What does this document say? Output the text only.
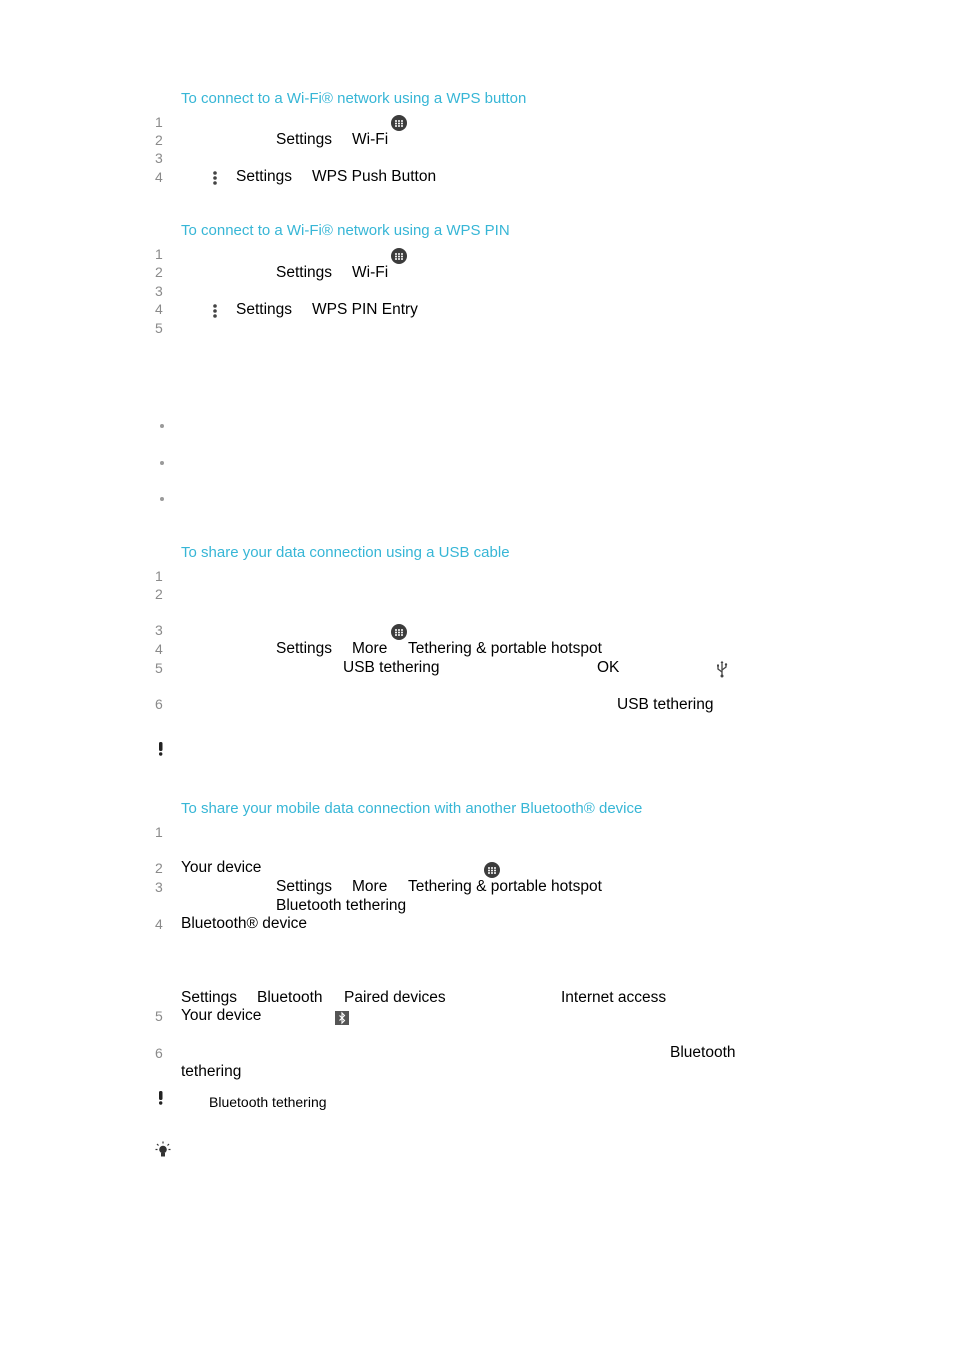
To connect to a Wi-Fi® network using a WPS button
1
2
3
4
Settings Wi-Fi
Settings WPS Push Button
To connect to a Wi-Fi® network using a WPS PIN
1
2
3
4
5
Settings Wi-Fi
Settings WPS PIN Entry
To share your data connection using a USB cable
1
2
3
4
5
6
Settings More Tethering & portable hotspot
USB tethering	OK
USB tethering
To share your mobile data connection with another Bluetooth® device
1
2
3
4
5
6
Your device
Settings More Tethering & portable hotspot
Bluetooth tethering
Bluetooth® device
Settings Bluetooth Paired devices	Internet access
Your device
Bluetooth
tethering
Bluetooth tethering
